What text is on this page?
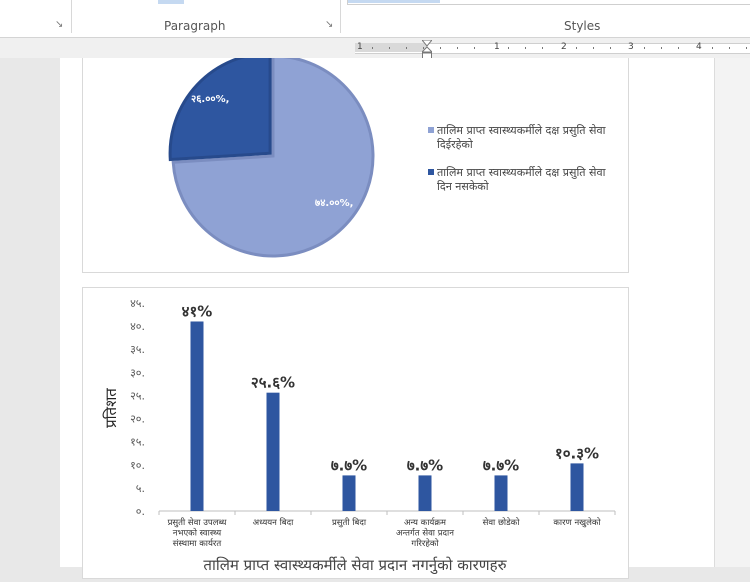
↘	Paragraph	↘	Styles
1	1	2	3	4
७४.००%,
२६.००%,
तालिम प्राप्त स्वास्थ्यकर्मीले दक्ष प्रसुति सेवा
दिईरहेको
तालिम प्राप्त स्वास्थ्यकर्मीले दक्ष प्रसुति सेवा
दिन नसकेको
प्रतिशत
०.
५.
१०.
१५.
२०.
२५.
३०.
३५.
४०.
४५. ४१%
प्रसुती सेवा उपलब्ध
नभएको स्वास्थ्य
संस्थामा कार्यरत
२५.६%
अध्ययन बिदा
७.७%
प्रसुती बिदा
७.७%
अन्य कार्यक्रम
अन्तर्गत सेवा प्रदान
गरिरहेको
७.७%
सेवा छोडेको
१०.३%
कारण नखुलेको
तालिम प्राप्त स्वास्थ्यकर्मीले सेवा प्रदान नगर्नुको कारणहरु
